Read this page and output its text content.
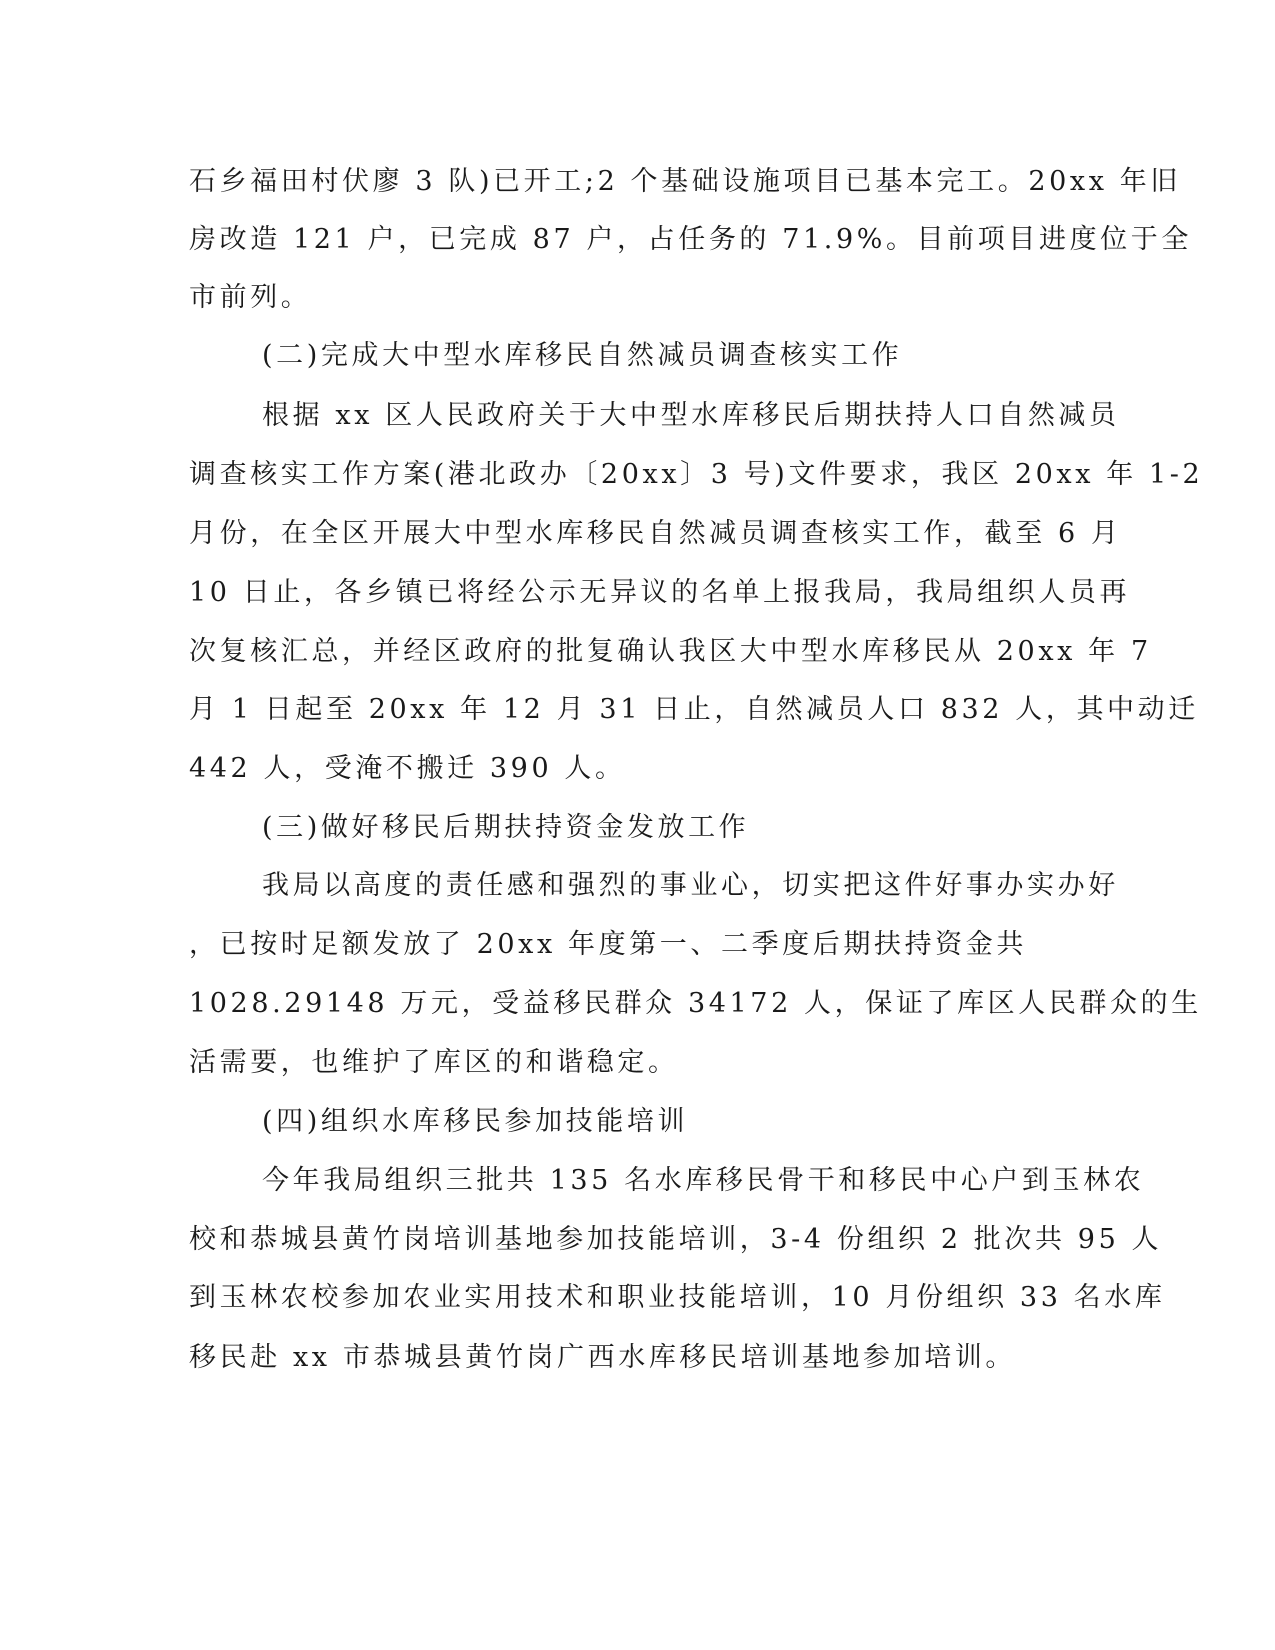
石乡福田村伏廖 3 队)已开工;2 个基础设施项目已基本完工。20xx 年旧
房改造 121 户，已完成 87 户，占任务的 71.9%。目前项目进度位于全
市前列。
(二)完成大中型水库移民自然减员调查核实工作
根据 xx 区人民政府关于大中型水库移民后期扶持人口自然减员
调查核实工作方案(港北政办〔20xx〕3 号)文件要求，我区 20xx 年 1-2
月份，在全区开展大中型水库移民自然减员调查核实工作，截至 6 月
10 日止，各乡镇已将经公示无异议的名单上报我局，我局组织人员再
次复核汇总，并经区政府的批复确认我区大中型水库移民从 20xx 年 7
月 1 日起至 20xx 年 12 月 31 日止，自然减员人口 832 人，其中动迁
442 人，受淹不搬迁 390 人。
(三)做好移民后期扶持资金发放工作
我局以高度的责任感和强烈的事业心，切实把这件好事办实办好
，已按时足额发放了 20xx 年度第一、二季度后期扶持资金共
1028.29148 万元，受益移民群众 34172 人，保证了库区人民群众的生
活需要，也维护了库区的和谐稳定。
(四)组织水库移民参加技能培训
今年我局组织三批共 135 名水库移民骨干和移民中心户到玉林农
校和恭城县黄竹岗培训基地参加技能培训，3-4 份组织 2 批次共 95 人
到玉林农校参加农业实用技术和职业技能培训，10 月份组织 33 名水库
移民赴 xx 市恭城县黄竹岗广西水库移民培训基地参加培训。
